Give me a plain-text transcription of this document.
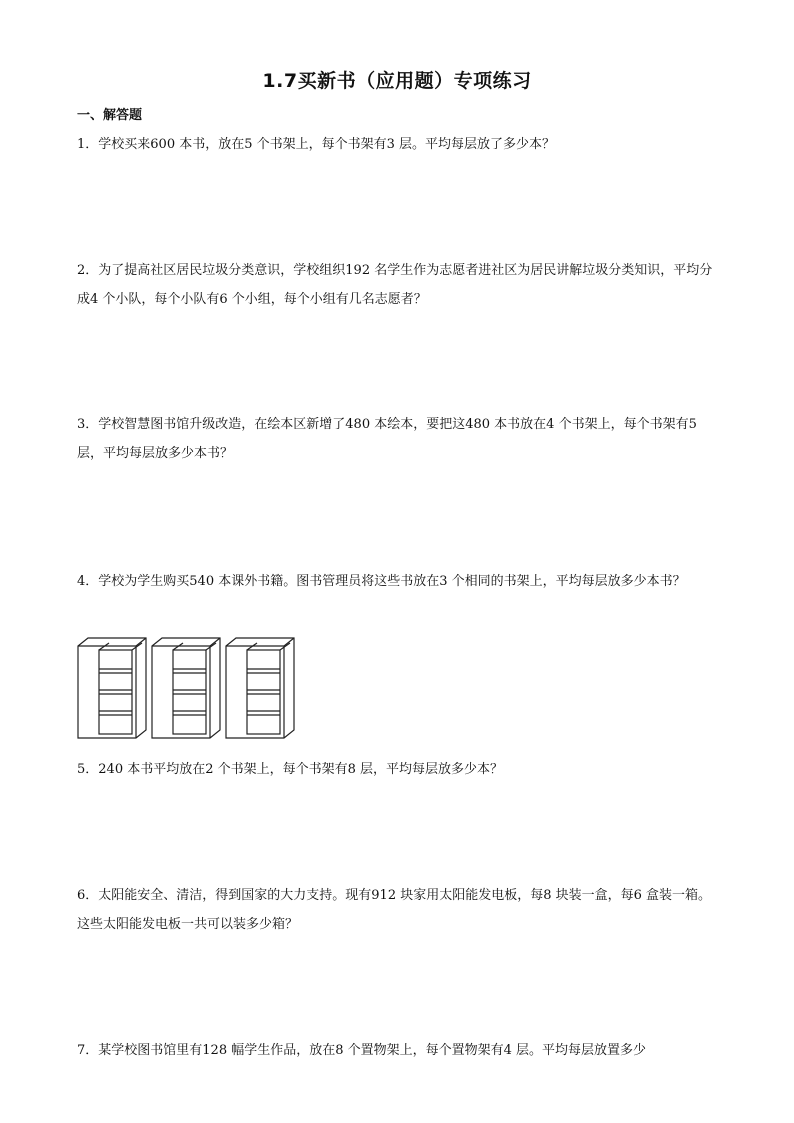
1.7买新书（应用题）专项练习
一、解答题
1．学校买来600 本书，放在5 个书架上，每个书架有3 层。平均每层放了多少本？
2．为了提高社区居民垃圾分类意识，学校组织192 名学生作为志愿者进社区为居民讲解垃圾分类知识，平均分成4 个小队，每个小队有6 个小组，每个小组有几名志愿者？
3．学校智慧图书馆升级改造，在绘本区新增了480 本绘本，要把这480 本书放在4 个书架上，每个书架有5 层，平均每层放多少本书？
4．学校为学生购买540 本课外书籍。图书管理员将这些书放在3 个相同的书架上，平均每层放多少本书？
5．240 本书平均放在2 个书架上，每个书架有8 层，平均每层放多少本？
6．太阳能安全、清洁，得到国家的大力支持。现有912 块家用太阳能发电板，每8 块装一盒，每6 盒装一箱。这些太阳能发电板一共可以装多少箱？
7．某学校图书馆里有128 幅学生作品，放在8 个置物架上，每个置物架有4 层。平均每层放置多少
